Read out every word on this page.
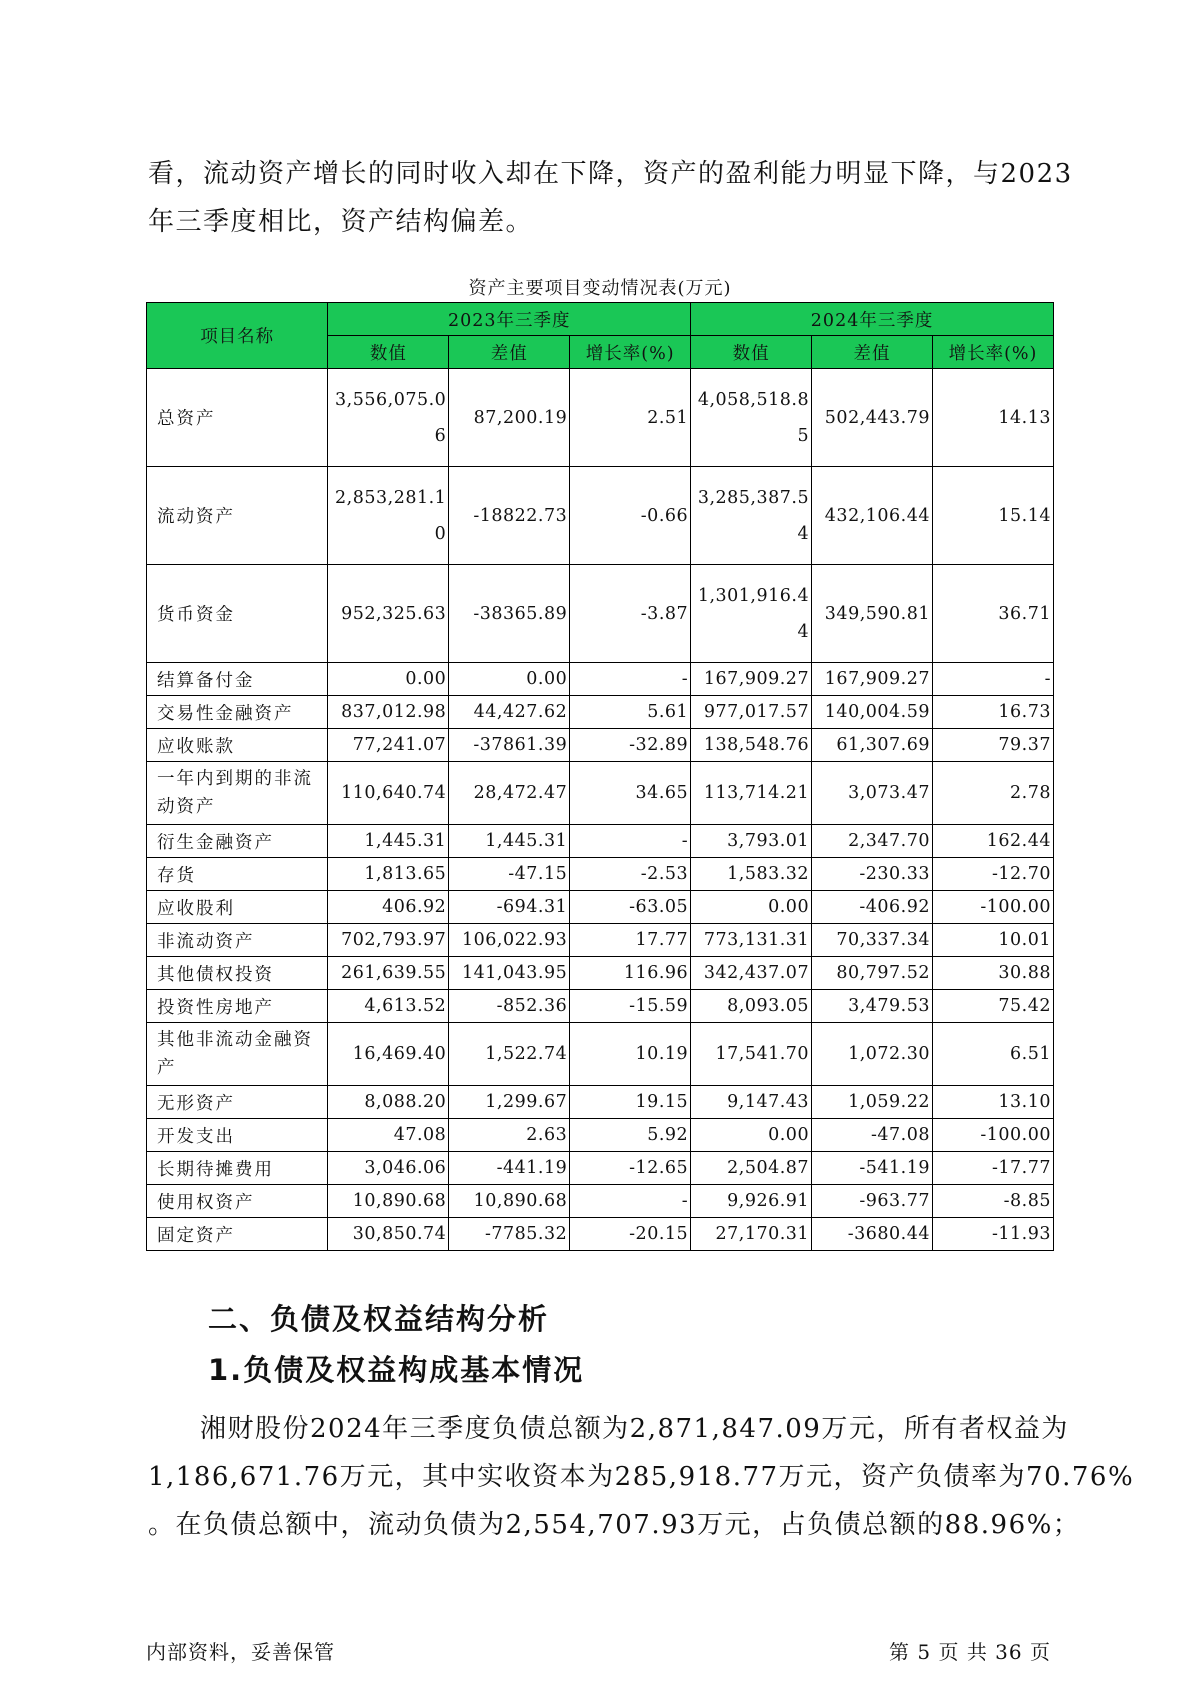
看，流动资产增长的同时收入却在下降，资产的盈利能力明显下降，与2023
年三季度相比，资产结构偏差。
资产主要项目变动情况表(万元)
项目名称	2023年三季度			2024年三季度		
	数值	差值	增长率(%)	数值	差值	增长率(%)
总资产	3,556,075.06	87,200.19	2.51	4,058,518.85	502,443.79	14.13
流动资产	2,853,281.10	-18822.73	-0.66	3,285,387.54	432,106.44	15.14
货币资金	952,325.63	-38365.89	-3.87	1,301,916.44	349,590.81	36.71
结算备付金	0.00	0.00	-	167,909.27	167,909.27	-
交易性金融资产	837,012.98	44,427.62	5.61	977,017.57	140,004.59	16.73
应收账款	77,241.07	-37861.39	-32.89	138,548.76	61,307.69	79.37
一年内到期的非流动资产	110,640.74	28,472.47	34.65	113,714.21	3,073.47	2.78
衍生金融资产	1,445.31	1,445.31	-	3,793.01	2,347.70	162.44
存货	1,813.65	-47.15	-2.53	1,583.32	-230.33	-12.70
应收股利	406.92	-694.31	-63.05	0.00	-406.92	-100.00
非流动资产	702,793.97	106,022.93	17.77	773,131.31	70,337.34	10.01
其他债权投资	261,639.55	141,043.95	116.96	342,437.07	80,797.52	30.88
投资性房地产	4,613.52	-852.36	-15.59	8,093.05	3,479.53	75.42
其他非流动金融资产	16,469.40	1,522.74	10.19	17,541.70	1,072.30	6.51
无形资产	8,088.20	1,299.67	19.15	9,147.43	1,059.22	13.10
开发支出	47.08	2.63	5.92	0.00	-47.08	-100.00
长期待摊费用	3,046.06	-441.19	-12.65	2,504.87	-541.19	-17.77
使用权资产	10,890.68	10,890.68	-	9,926.91	-963.77	-8.85
固定资产	30,850.74	-7785.32	-20.15	27,170.31	-3680.44	-11.93
二、负债及权益结构分析
1.负债及权益构成基本情况
湘财股份2024年三季度负债总额为2,871,847.09万元，所有者权益为
1,186,671.76万元，其中实收资本为285,918.77万元，资产负债率为70.76%
。在负债总额中，流动负债为2,554,707.93万元，占负债总额的88.96%；
内部资料，妥善保管	第 5 页 共 36 页
